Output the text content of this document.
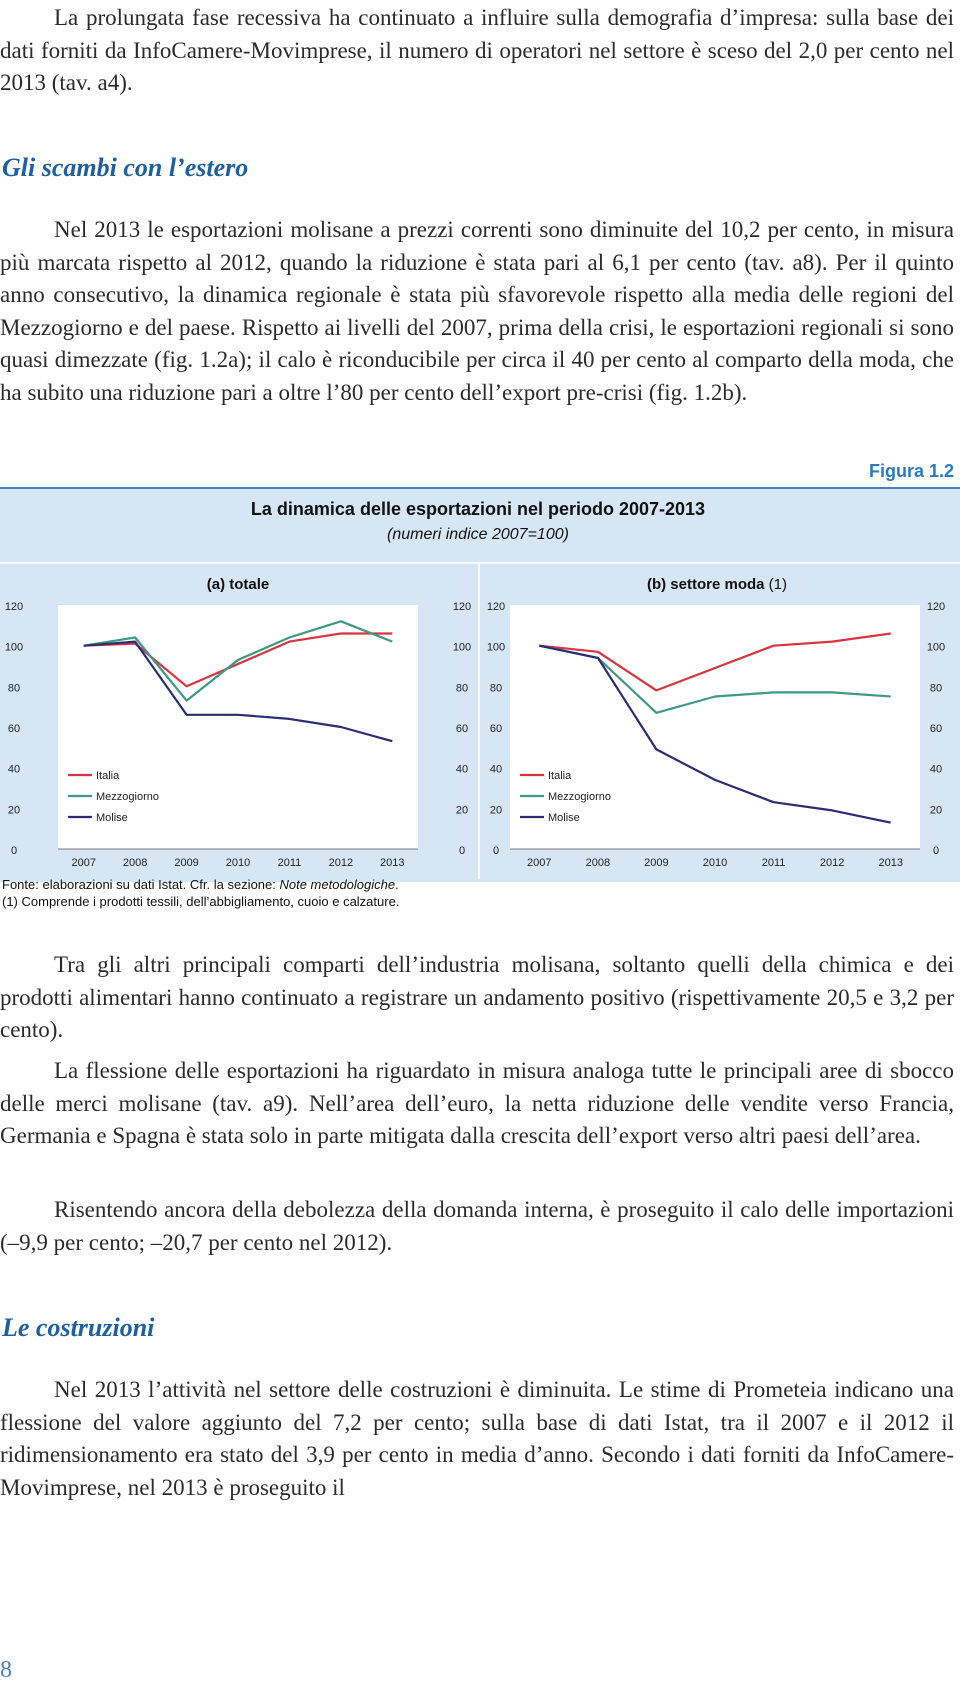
La prolungata fase recessiva ha continuato a influire sulla demografia d’impresa: sulla base dei dati forniti da InfoCamere-Movimprese, il numero di operatori nel settore è sceso del 2,0 per cento nel 2013 (tav. a4).

Gli scambi con l’estero

Nel 2013 le esportazioni molisane a prezzi correnti sono diminuite del 10,2 per cento, in misura più marcata rispetto al 2012, quando la riduzione è stata pari al 6,1 per cento (tav. a8). Per il quinto anno consecutivo, la dinamica regionale è stata più sfavorevole rispetto alla media delle regioni del Mezzogiorno e del paese. Rispetto ai livelli del 2007, prima della crisi, le esportazioni regionali si sono quasi dimezzate (fig. 1.2a); il calo è riconducibile per circa il 40 per cento al comparto della moda, che ha subito una riduzione pari a oltre l’80 per cento dell’export pre-crisi (fig. 1.2b).

Figura 1.2
La dinamica delle esportazioni nel periodo 2007-2013
(numeri indice 2007=100)
(a) totale
0	0
20	20
40	40
60	60
80	80
100	100
120	120
2007 2008 2009 2010 2011 2012 2013
Italia
Mezzogiorno
Molise
(b) settore moda (1)
0	0
20	20
40	40
60	60
80	80
100	100
120	120
2007	2008	2009	2010	2011	2012	2013
Italia
Mezzogiorno
Molise

Fonte: elaborazioni su dati Istat. Cfr. la sezione: Note metodologiche.

(1) Comprende i prodotti tessili, dell’abbigliamento, cuoio e calzature.

Tra gli altri principali comparti dell’industria molisana, soltanto quelli della chimica e dei prodotti alimentari hanno continuato a registrare un andamento positivo (rispettivamente 20,5 e 3,2 per cento).

La flessione delle esportazioni ha riguardato in misura analoga tutte le principali aree di sbocco delle merci molisane (tav. a9). Nell’area dell’euro, la netta riduzione delle vendite verso Francia, Germania e Spagna è stata solo in parte mitigata dalla crescita dell’export verso altri paesi dell’area.

Risentendo ancora della debolezza della domanda interna, è proseguito il calo delle importazioni (–9,9 per cento; –20,7 per cento nel 2012).

Le costruzioni

Nel 2013 l’attività nel settore delle costruzioni è diminuita. Le stime di Prometeia indicano una flessione del valore aggiunto del 7,2 per cento; sulla base di dati Istat, tra il 2007 e il 2012 il ridimensionamento era stato del 3,9 per cento in media d’anno. Secondo i dati forniti da InfoCamere-Movimprese, nel 2013 è proseguito il

8
